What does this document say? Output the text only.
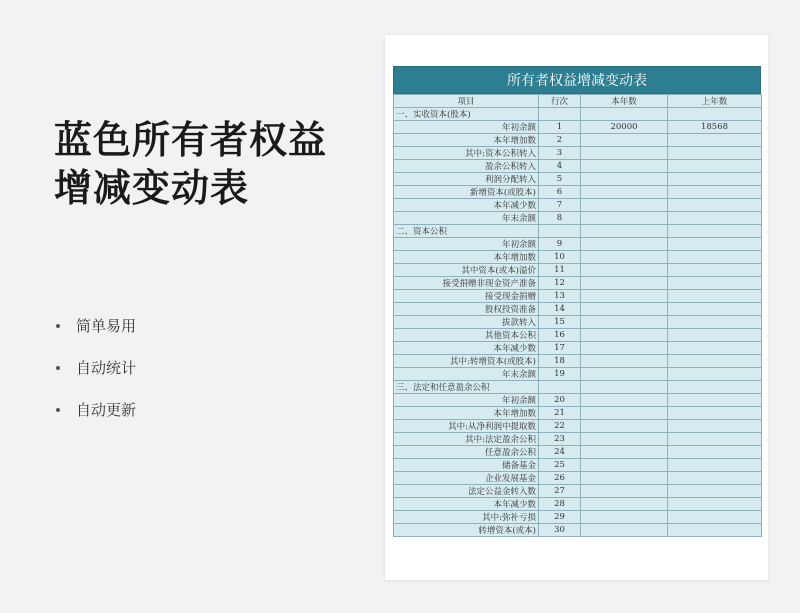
蓝色所有者权益
增减变动表
简单易用
自动统计
自动更新
所有者权益增减变动表
项目	行次	本年数	上年数
一、实收资本(股本)			
年初余额	1	20000	18568
本年增加数	2		
其中:资本公积转入	3		
盈余公积转入	4		
利润分配转入	5		
新增资本(或股本)	6		
本年减少数	7		
年末余额	8		
二、资本公积			
年初余额	9		
本年增加数	10		
其中资本(或本)溢价	11		
接受捐赠非现金资产准备	12		
接受现金捐赠	13		
股权投资准备	14		
拔款转入	15		
其他资本公积	16		
本年减少数	17		
其中:转增资本(或股本)	18		
年末余额	19		
三、法定和任意盈余公积			
年初余额	20		
本年增加数	21		
其中:从净利润中提取数	22		
其中:法定盈余公积	23		
任意盈余公积	24		
储备基金	25		
企业发展基金	26		
法定公益金转入数	27		
本年减少数	28		
其中:弥补亏损	29		
转增资本(或本)	30		
